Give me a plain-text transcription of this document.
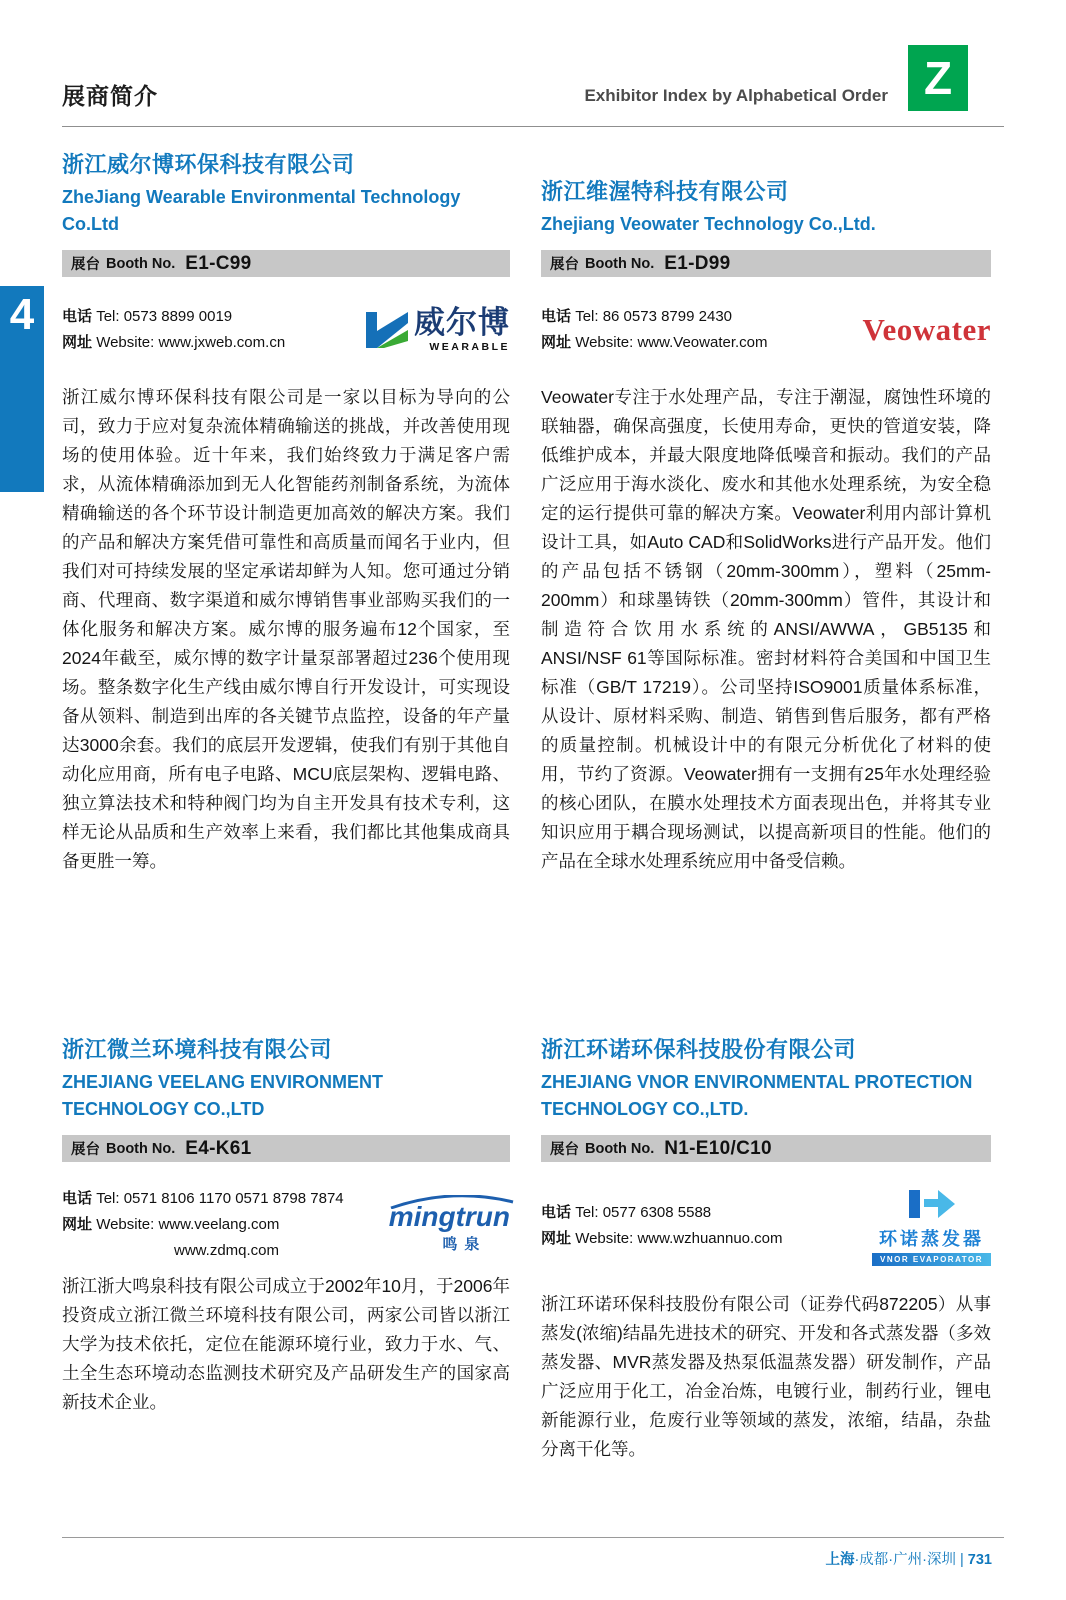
展商简介	Exhibitor Index by Alphabetical Order Z
4
浙江威尔博环保科技有限公司
ZheJiang Wearable Environmental Technology Co.Ltd
展台 Booth No. E1-C99
电话 Tel: 0573 8899 0019
网址 Website: www.jxweb.com.cn
威尔博
WEARABLE

浙江威尔博环保科技有限公司是一家以目标为导向的公司，致力于应对复杂流体精确输送的挑战，并改善使用现场的使用体验。近十年来，我们始终致力于满足客户需求，从流体精确添加到无人化智能药剂制备系统，为流体精确输送的各个环节设计制造更加高效的解决方案。我们的产品和解决方案凭借可靠性和高质量而闻名于业内，但我们对可持续发展的坚定承诺却鲜为人知。您可通过分销商、代理商、数字渠道和威尔博销售事业部购买我们的一体化服务和解决方案。威尔博的服务遍布12个国家，至2024年截至，威尔博的数字计量泵部署超过236个使用现场。整条数字化生产线由威尔博自行开发设计，可实现设备从领料、制造到出库的各关键节点监控，设备的年产量达3000余套。我们的底层开发逻辑，使我们有别于其他自动化应用商，所有电子电路、MCU底层架构、逻辑电路、独立算法技术和特种阀门均为自主开发具有技术专利，这样无论从品质和生产效率上来看，我们都比其他集成商具备更胜一筹。

浙江维渥特科技有限公司
Zhejiang Veowater Technology Co.,Ltd.
展台 Booth No. E1-D99
电话 Tel: 86 0573 8799 2430
网址 Website: www.Veowater.com	Veowater

Veowater专注于水处理产品，专注于潮湿，腐蚀性环境的联轴器，确保高强度，长使用寿命，更快的管道安装，降低维护成本，并最大限度地降低噪音和振动。我们的产品广泛应用于海水淡化、废水和其他水处理系统，为安全稳定的运行提供可靠的解决方案。Veowater利用内部计算机设计工具，如Auto CAD和SolidWorks进行产品开发。他们的产品包括不锈钢（20mm-300mm），塑料（25mm-200mm）和球墨铸铁（20mm-300mm）管件，其设计和制造符合饮用水系统的ANSI/AWWA，GB5135和ANSI/NSF 61等国际标准。密封材料符合美国和中国卫生标准（GB/T 17219）。公司坚持ISO9001质量体系标准，从设计、原材料采购、制造、销售到售后服务，都有严格的质量控制。机械设计中的有限元分析优化了材料的使用，节约了资源。Veowater拥有一支拥有25年水处理经验的核心团队，在膜水处理技术方面表现出色，并将其专业知识应用于耦合现场测试，以提高新项目的性能。他们的产品在全球水处理系统应用中备受信赖。

浙江微兰环境科技有限公司
ZHEJIANG VEELANG ENVIRONMENT TECHNOLOGY CO.,LTD
展台 Booth No. E4-K61
电话 Tel: 0571 8106 1170 0571 8798 7874
网址 Website: www.veelang.com
www.zdmq.com
mingtrun
鸣泉

浙江浙大鸣泉科技有限公司成立于2002年10月，于2006年投资成立浙江微兰环境科技有限公司，两家公司皆以浙江大学为技术依托，定位在能源环境行业，致力于水、气、土全生态环境动态监测技术研究及产品研发生产的国家高新技术企业。

浙江环诺环保科技股份有限公司
ZHEJIANG VNOR ENVIRONMENTAL PROTECTION TECHNOLOGY CO.,LTD.
展台 Booth No. N1-E10/C10
电话 Tel: 0577 6308 5588
网址 Website: www.wzhuannuo.com	环诺蒸发器
VNOR EVAPORATOR

浙江环诺环保科技股份有限公司（证券代码872205）从事蒸发(浓缩)结晶先进技术的研究、开发和各式蒸发器（多效蒸发器、MVR蒸发器及热泵低温蒸发器）研发制作，产品广泛应用于化工，冶金冶炼，电镀行业，制药行业，锂电新能源行业，危废行业等领域的蒸发，浓缩，结晶，杂盐分离干化等。

上海·成都·广州·深圳 | 731
